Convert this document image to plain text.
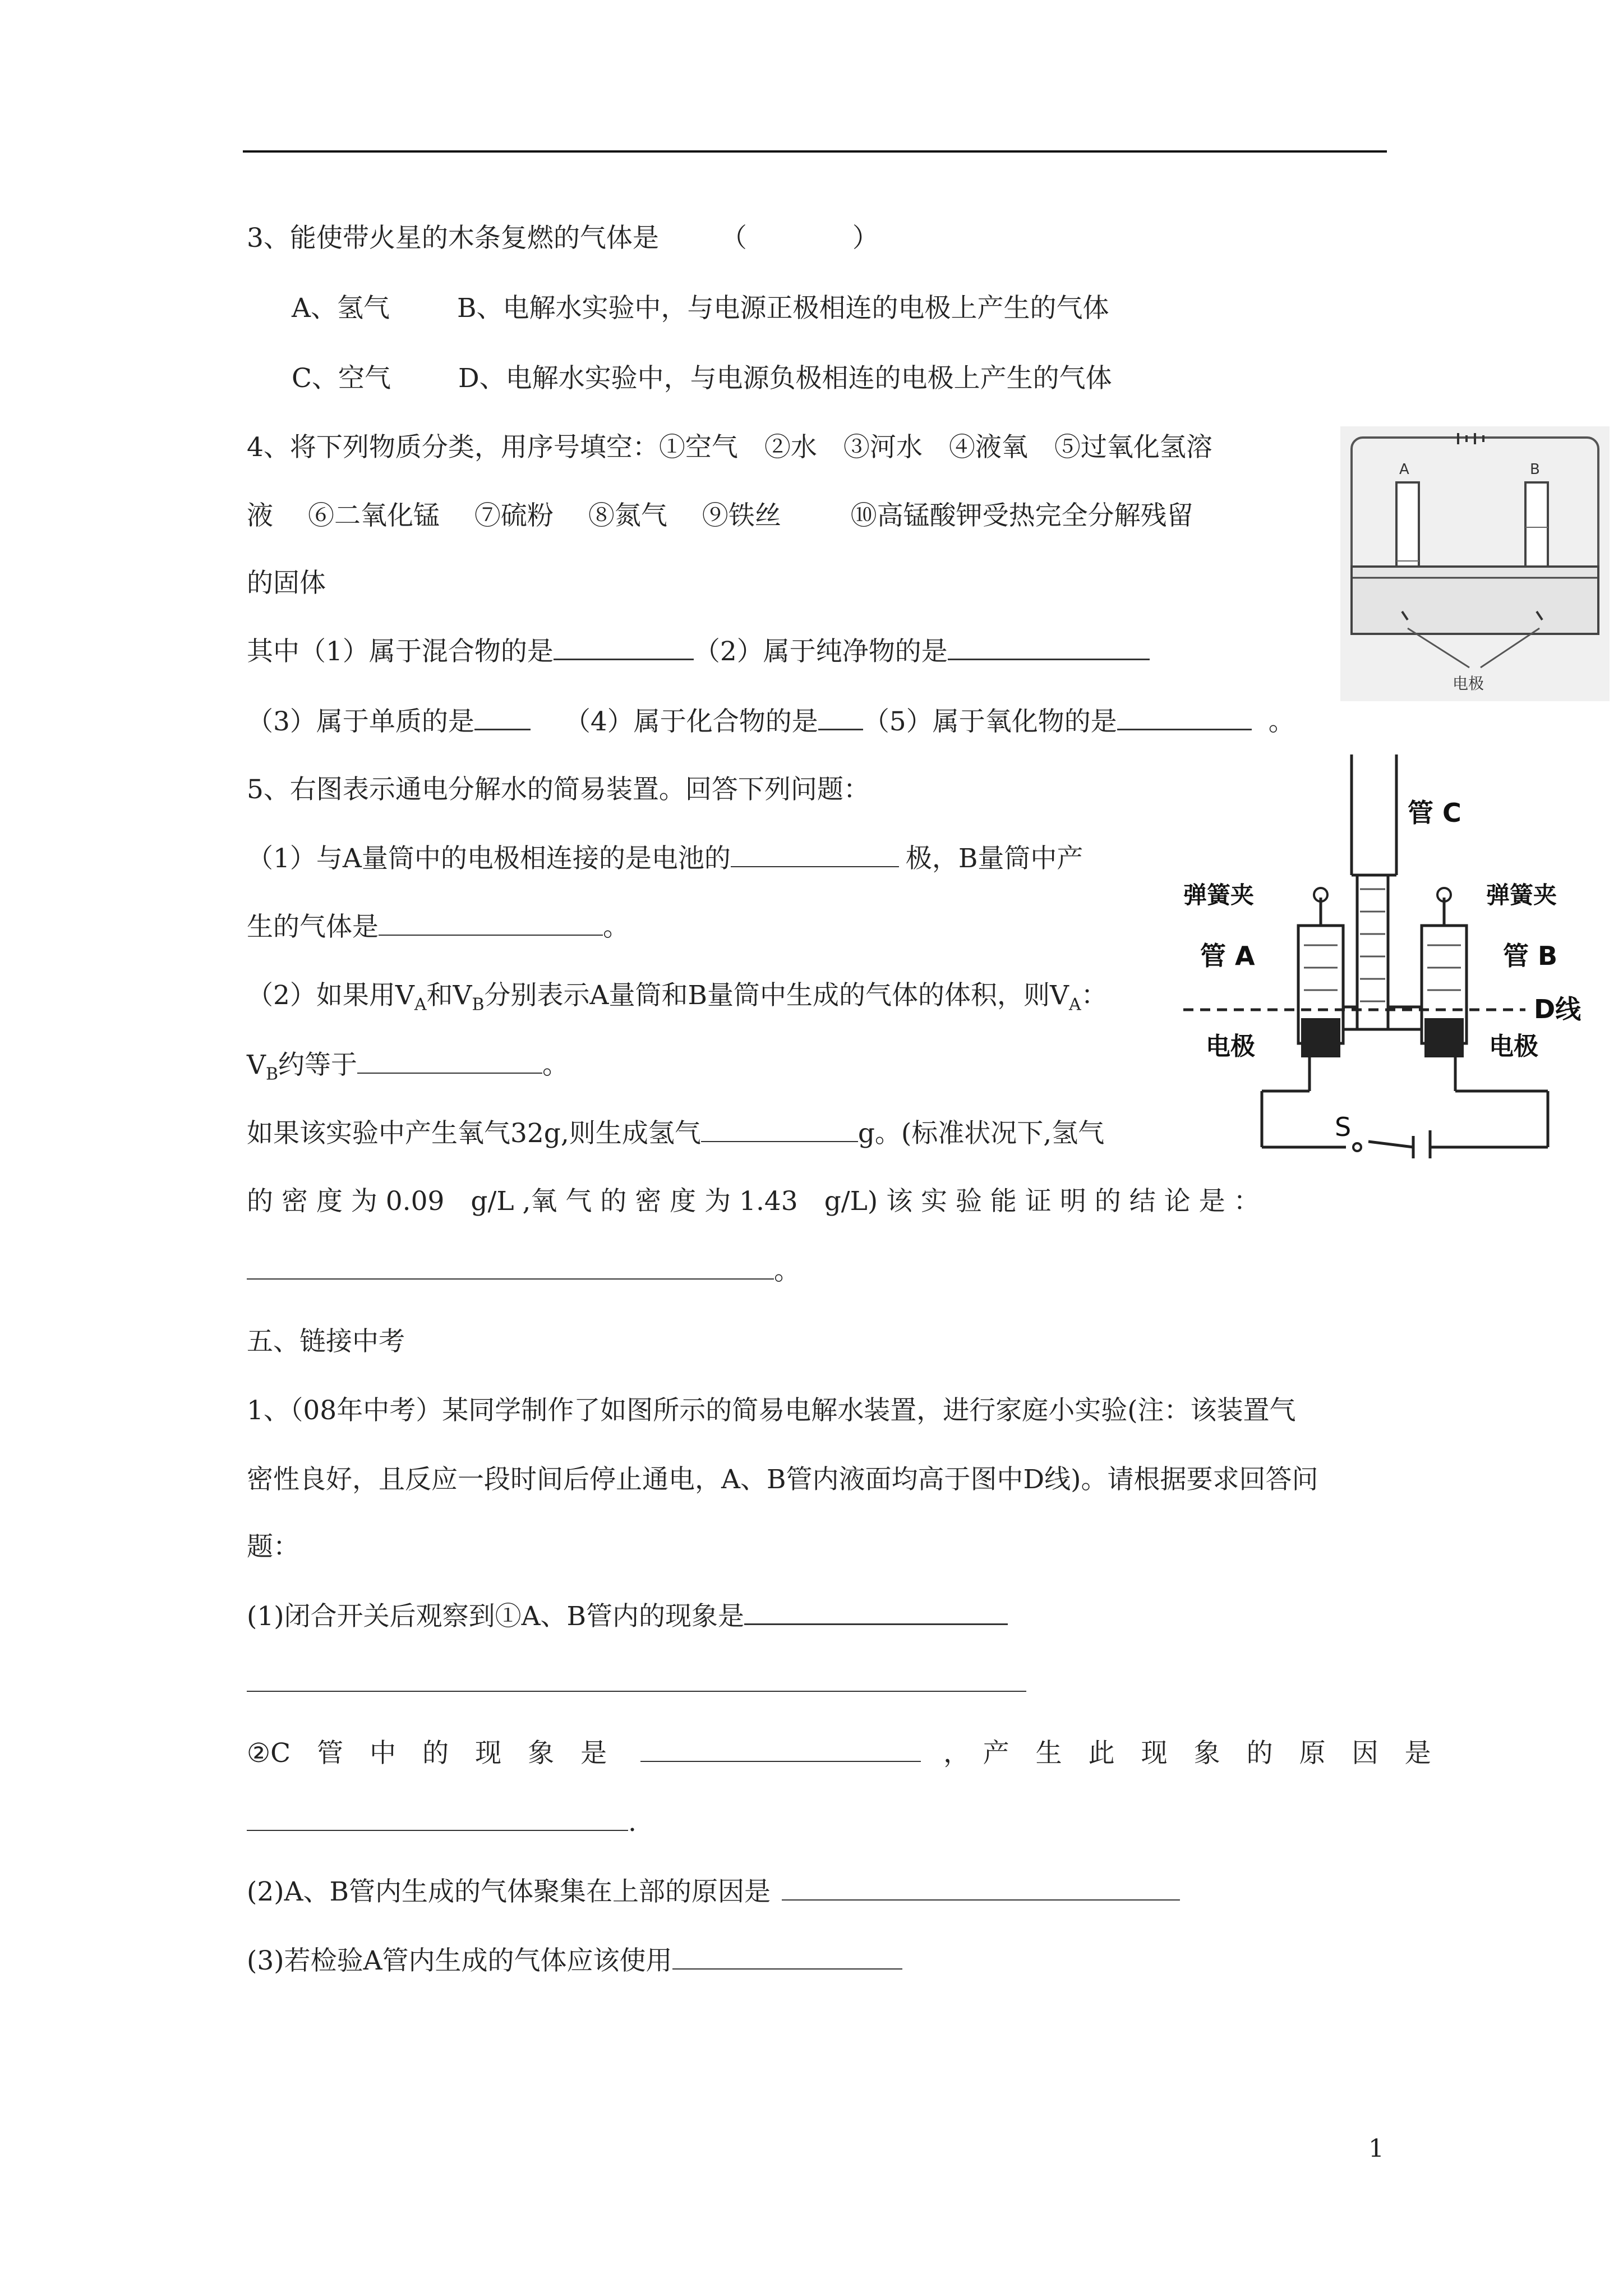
3、能使带火星的木条复燃的气体是 （　　　　）
A、氢气	B、电解水实验中，与电源正极相连的电极上产生的气体
C、空气	D、电解水实验中，与电源负极相连的电极上产生的气体
4、将下列物质分类，用序号填空：①空气　②水　③河水　④液氧　⑤过氧化氢溶
液　 ⑥二氧化锰　 ⑦硫粉　 ⑧氮气　 ⑨铁丝　 　 ⑩高锰酸钾受热完全分解残留
的固体
其中（1）属于混合物的是	（2）属于纯净物的是
（3）属于单质的是	（4）属于化合物的是 （5）属于氧化物的是	。
A	B
电极
5、右图表示通电分解水的简易装置。回答下列问题：
（1）与A量筒中的电极相连接的是电池的	极，B量筒中产
生的气体是	。
（2）如果用$V_A$和$V_B$分别表示A量筒和B量筒中生成的气体的体积，则$V_A$：
$V_B$约等于	。
如果该实验中产生氧气32g,则生成氢气	g。(标准状况下,氢气
的 密 度 为 0.09　g/L ,氧 气 的 密 度 为 1.43　g/L) 该 实 验 能 证 明 的 结 论 是 ：
。
管 C
弹簧夹	弹簧夹
管 A	管 B
D线
电极	电极
S
五、链接中考
1、（08年中考）某同学制作了如图所示的简易电解水装置，进行家庭小实验(注：该装置气
密性良好，且反应一段时间后停止通电，A、B管内液面均高于图中D线)。请根据要求回答问
题：
(1)闭合开关后观察到①A、B管内的现象是
②C　管　中　的　现　象　是	，　产　生　此　现　象　的　原　因　是
.
(2)A、B管内生成的气体聚集在上部的原因是
(3)若检验A管内生成的气体应该使用
1
